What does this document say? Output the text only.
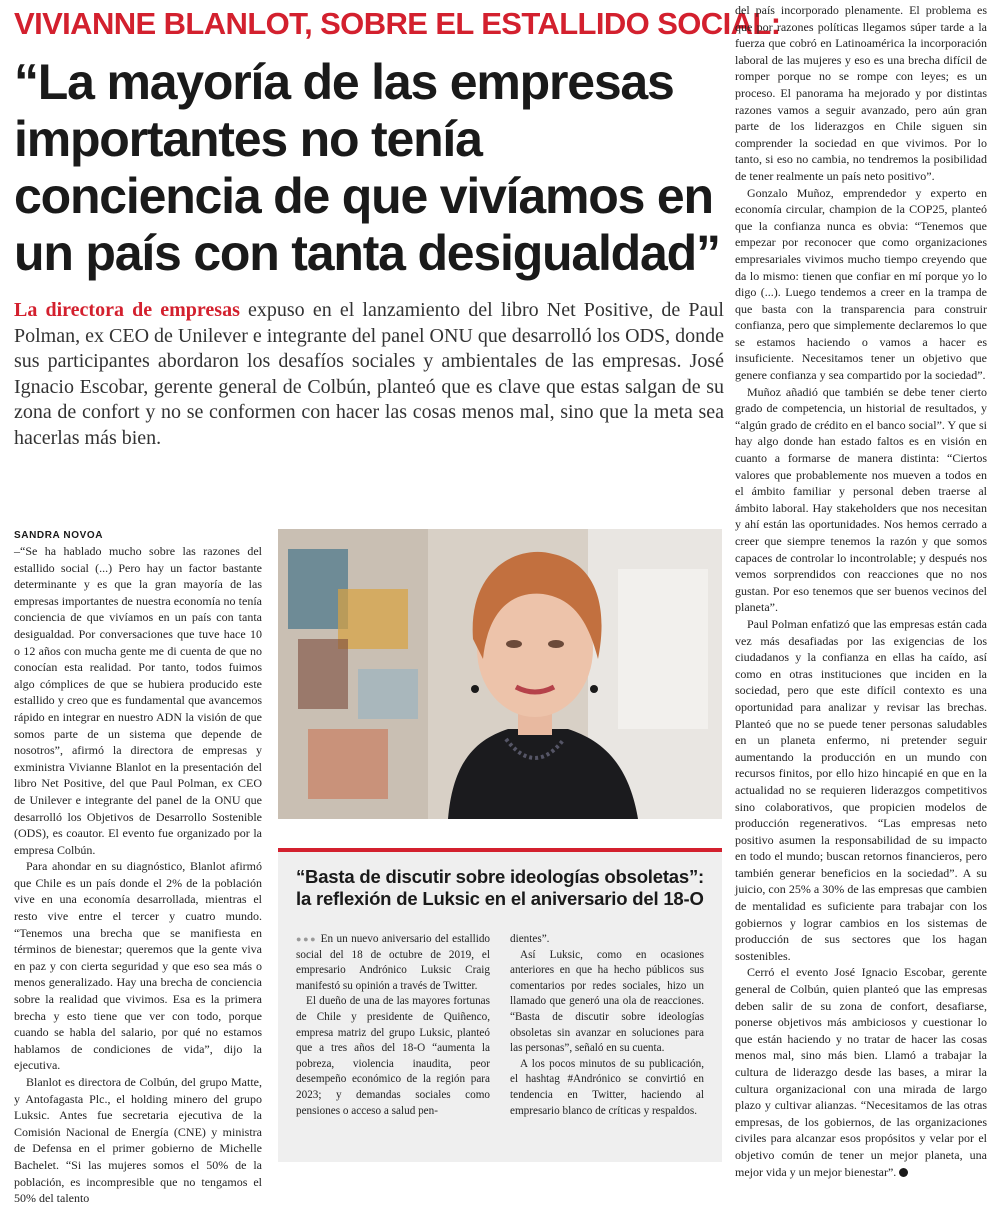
VIVIANNE BLANLOT, SOBRE EL ESTALLIDO SOCIAL:
“La mayoría de las empresas importantes no tenía conciencia de que vivíamos en un país con tanta desigualdad”

La directora de empresas expuso en el lanzamiento del libro Net Positive, de Paul Polman, ex CEO de Unilever e integrante del panel ONU que desarrolló los ODS, donde sus participantes abordaron los desafíos sociales y ambientales de las empresas. José Ignacio Escobar, gerente general de Colbún, planteó que es clave que estas salgan de su zona de confort y no se conformen con hacer las cosas menos mal, sino que la meta sea hacerlas más bien.

SANDRA NOVOA

–“Se ha hablado mucho sobre las razones del estallido social (...) Pero hay un factor bastante determinante y es que la gran mayoría de las empresas importantes de nuestra economía no tenía conciencia de que vivíamos en un país con tanta desigualdad. Por conversaciones que tuve hace 10 o 12 años con mucha gente me di cuenta de que no conocían esta realidad. Por tanto, todos fuimos algo cómplices de que se hubiera producido este estallido y creo que es fundamental que avancemos rápido en integrar en nuestro ADN la visión de que somos parte de un sistema que depende de nosotros”, afirmó la directora de empresas y exministra Vivianne Blanlot en la presentación del libro Net Positive, del que Paul Polman, ex CEO de Unilever e integrante del panel de la ONU que desarrolló los Objetivos de Desarrollo Sostenible (ODS), es coautor. El evento fue organizado por la empresa Colbún.

Para ahondar en su diagnóstico, Blanlot afirmó que Chile es un país donde el 2% de la población vive en una economía desarrollada, mientras el resto vive entre el tercer y cuatro mundo. “Tenemos una brecha que se manifiesta en términos de bienestar; queremos que la gente viva en paz y con cierta seguridad y que eso sea más o menos generalizado. Hay una brecha de conciencia sobre la realidad que vivimos. Esa es la primera brecha y esto tiene que ver con todo, porque cuando se habla del salario, por qué no estamos hablamos de condiciones de vida”, dijo la ejecutiva.

Blanlot es directora de Colbún, del grupo Matte, y Antofagasta Plc., el holding minero del grupo Luksic. Antes fue secretaria ejecutiva de la Comisión Nacional de Energía (CNE) y ministra de Defensa en el primer gobierno de Michelle Bachelet. “Si las mujeres somos el 50% de la población, es incompresible que no tengamos el 50% del talento

“Basta de discutir sobre ideologías obsoletas”: la reflexión de Luksic en el aniversario del 18-O

●●● En un nuevo aniversario del estallido social del 18 de octubre de 2019, el empresario Andrónico Luksic Craig manifestó su opinión a través de Twitter.

El dueño de una de las mayores fortunas de Chile y presidente de Quiñenco, empresa matriz del grupo Luksic, planteó que a tres años del 18-O “aumenta la pobreza, violencia inaudita, peor desempeño económico de la región para 2023; y demandas sociales como pensiones o acceso a salud pen-

dientes”.

Así Luksic, como en ocasiones anteriores en que ha hecho públicos sus comentarios por redes sociales, hizo un llamado que generó una ola de reacciones. “Basta de discutir sobre ideologías obsoletas sin avanzar en soluciones para las personas”, señaló en su cuenta.

A los pocos minutos de su publicación, el hashtag #Andrónico se convirtió en tendencia en Twitter, haciendo al empresario blanco de críticas y respaldos.

del país incorporado plenamente. El problema es que por razones políticas llegamos súper tarde a la fuerza que cobró en Latinoamérica la incorporación laboral de las mujeres y eso es una brecha difícil de romper porque no se rompe con leyes; es un proceso. El panorama ha mejorado y por distintas razones vamos a seguir avanzado, pero aún gran parte de los liderazgos en Chile siguen sin comprender la sociedad en que vivimos. Por lo tanto, si eso no cambia, no tendremos la posibilidad de tener realmente un país neto positivo”.

Gonzalo Muñoz, emprendedor y experto en economía circular, champion de la COP25, planteó que la confianza nunca es obvia: “Tenemos que empezar por reconocer que como organizaciones empresariales vivimos mucho tiempo creyendo que da lo mismo: tienen que confiar en mí porque yo lo digo (...). Luego tendemos a creer en la trampa de que basta con la transparencia para construir confianza, pero que simplemente declaremos lo que se estamos haciendo o vamos a hacer es insuficiente. Necesitamos tener un objetivo que genere confianza y sea compartido por la sociedad”.

Muñoz añadió que también se debe tener cierto grado de competencia, un historial de resultados, y “algún grado de crédito en el banco social”. Y que si hay algo donde han estado faltos es en visión en cuanto a formarse de manera distinta: “Ciertos valores que probablemente nos mueven a todos en el ámbito familiar y personal deben traerse al ámbito laboral. Hay stakeholders que nos necesitan y ahí están las oportunidades. Nos hemos cerrado a creer que siempre tenemos la razón y que somos capaces de controlar lo incontrolable; y después nos vemos sorprendidos con reacciones que no nos gustan. Por eso tenemos que ser buenos vecinos del planeta”.

Paul Polman enfatizó que las empresas están cada vez más desafiadas por las exigencias de los ciudadanos y la confianza en ellas ha caído, así como en otras instituciones que inciden en la sociedad, pero que este difícil contexto es una oportunidad para analizar y revisar las brechas. Planteó que no se puede tener personas saludables en un planeta enfermo, ni pretender seguir aumentando la producción en un mundo con recursos finitos, por ello hizo hincapié en que en la actualidad no se requieren liderazgos competitivos sino colaborativos, que propicien modelos de producción regenerativos. “Las empresas neto positivo asumen la responsabilidad de su impacto en todo el mundo; buscan retornos financieros, pero también generar beneficios en la sociedad”. A su juicio, con 25% a 30% de las empresas que cambien de mentalidad es suficiente para trabajar con los gobiernos y lograr cambios en los sistemas de producción de sus sectores que los hagan sostenibles.

Cerró el evento José Ignacio Escobar, gerente general de Colbún, quien planteó que las empresas deben salir de su zona de confort, desafiarse, ponerse objetivos más ambiciosos y cuestionar lo que están haciendo y no tratar de hacer las cosas menos mal, sino más bien. Llamó a trabajar la cultura de liderazgo desde las bases, a mirar la cultura organizacional con una mirada de largo plazo y cultivar alianzas. “Necesitamos de las otras empresas, de los gobiernos, de las organizaciones civiles para alcanzar esos propósitos y velar por el objetivo común de tener un mejor planeta, una mejor vida y un mejor bienestar”.
